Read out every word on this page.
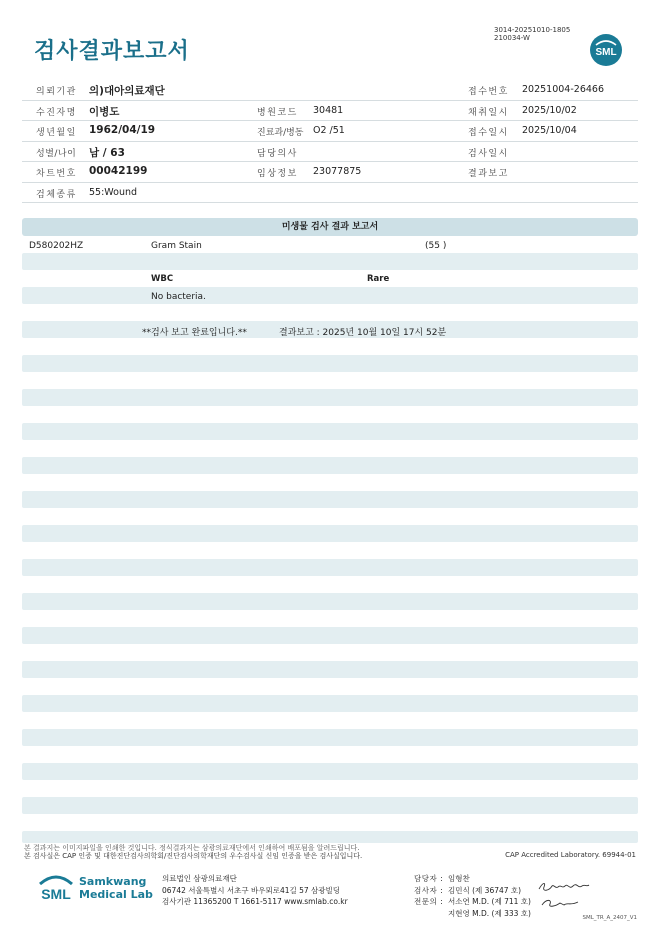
검사결과보고서
3014-20251010-1805
210034-W
SML
의뢰기관 의)대아의료재단	접수번호 20251004-26466
수진자명 이병도	병원코드 30481	채취일시 2025/10/02
생년월일 1962/04/19	진료과/병동 O2 /51	접수일시 2025/10/04
성별/나이 남 / 63	담당의사	검사일시
차트번호 00042199	임상정보 23077875	결과보고
검체종류 55:Wound
미생물 검사 결과 보고서
D580202HZ	Gram Stain	(55 )
WBC	Rare
No bacteria.
**검사 보고 완료입니다.**	결과보고 : 2025년 10월 10일 17시 52분
본 결과지는 이미지파일을 인쇄한 것입니다. 정식결과지는 삼광의료재단에서 인쇄하여 배포됨을 알려드립니다.
본 검사실은 CAP 인증 및 대한진단검사의학회/진단검사의학재단의 우수검사실 신임 인증을 받은 검사실입니다.	CAP Accredited Laboratory. 69944-01
SML
Samkwang
Medical Lab
의료법인 삼광의료재단
06742 서울특별시 서초구 바우뫼로41길 57 삼광빌딩
검사기관 11365200 T 1661-5117 www.smlab.co.kr
담당자 : 임형찬
검사자 : 김민식 (제 36747 호)
전문의 : 서소연 M.D. (제 711 호)
지현영 M.D. (제 333 호)
SML_TR_A_2407_V1
